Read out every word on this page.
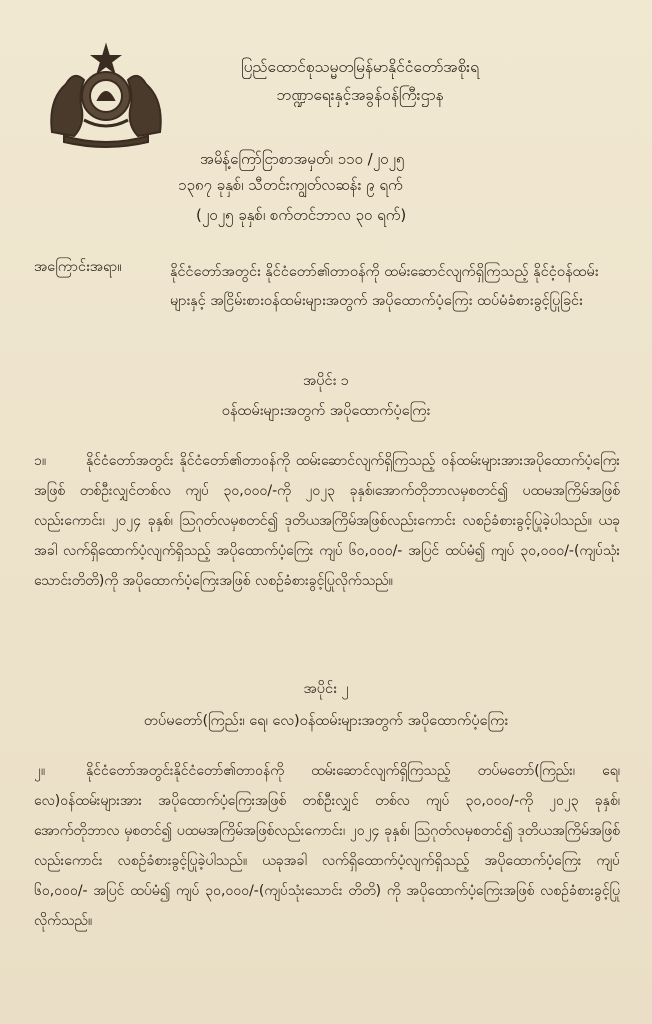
ပြည်ထောင်စုသမ္မတမြန်မာနိုင်ငံတော်အစိုးရ
ဘဏ္ဍာရေးနှင့်အခွန်ဝန်ကြီးဌာန
အမိန့်ကြော်ငြာစာအမှတ်၊ ၁၁၀ /၂၀၂၅
၁၃၈၇ ခုနှစ်၊ သီတင်းကျွတ်လဆန်း ၉ ရက်
(၂၀၂၅ ခုနှစ်၊ စက်တင်ဘာလ ၃၀ ရက်)
အကြောင်းအရာ။	နိုင်ငံတော်အတွင်း နိုင်ငံတော်၏တာဝန်ကို ထမ်းဆောင်လျက်ရှိကြသည့် နိုင်ငံ့ဝန်ထမ်းများနှင့် အငြိမ်းစားဝန်ထမ်းများအတွက် အပိုထောက်ပံ့ကြေး ထပ်မံခံစားခွင့်ပြုခြင်း
အပိုင်း ၁
ဝန်ထမ်းများအတွက် အပိုထောက်ပံ့ကြေး
၁။	နိုင်ငံတော်အတွင်း နိုင်ငံတော်၏တာဝန်ကို ထမ်းဆောင်လျက်ရှိကြသည့် ဝန်ထမ်းများအားအပိုထောက်ပံ့ကြေးအဖြစ် တစ်ဦးလျှင်တစ်လ ကျပ် ၃၀,၀၀၀/-ကို ၂၀၂၃ ခုနှစ်၊အောက်တိုဘာလမှစတင်၍ ပထမအကြိမ်အဖြစ်လည်းကောင်း၊ ၂၀၂၄ ခုနှစ်၊ ဩဂုတ်လမှစတင်၍ ဒုတိယအကြိမ်အဖြစ်လည်းကောင်း လစဉ်ခံစားခွင့်ပြုခဲ့ပါသည်။ ယခုအခါ လက်ရှိထောက်ပံ့လျက်ရှိသည့် အပိုထောက်ပံ့ကြေး ကျပ် ၆၀,၀၀၀/- အပြင် ထပ်မံ၍ ကျပ် ၃၀,၀၀၀/-(ကျပ်သုံးသောင်းတိတိ)ကို အပိုထောက်ပံ့ကြေးအဖြစ် လစဉ်ခံစားခွင့်ပြုလိုက်သည်။
အပိုင်း ၂
တပ်မတော်(ကြည်း၊ ရေ၊ လေ)ဝန်ထမ်းများအတွက် အပိုထောက်ပံ့ကြေး
၂။	နိုင်ငံတော်အတွင်းနိုင်ငံတော်၏တာဝန်ကို ထမ်းဆောင်လျက်ရှိကြသည့် တပ်မတော်(ကြည်း၊ ရေ၊ လေ)ဝန်ထမ်းများအား အပိုထောက်ပံ့ကြေးအဖြစ် တစ်ဦးလျှင် တစ်လ ကျပ် ၃၀,၀၀၀/-ကို ၂၀၂၃ ခုနှစ်၊ အောက်တိုဘာလ မှစတင်၍ ပထမအကြိမ်အဖြစ်လည်းကောင်း၊ ၂၀၂၄ ခုနှစ်၊ ဩဂုတ်လမှစတင်၍ ဒုတိယအကြိမ်အဖြစ်လည်းကောင်း လစဉ်ခံစားခွင့်ပြုခဲ့ပါသည်။ ယခုအခါ လက်ရှိထောက်ပံ့လျက်ရှိသည့် အပိုထောက်ပံ့ကြေး ကျပ် ၆၀,၀၀၀/- အပြင် ထပ်မံ၍ ကျပ် ၃၀,၀၀၀/-(ကျပ်သုံးသောင်း တိတိ) ကို အပိုထောက်ပံ့ကြေးအဖြစ် လစဉ်ခံစားခွင့်ပြုလိုက်သည်။
